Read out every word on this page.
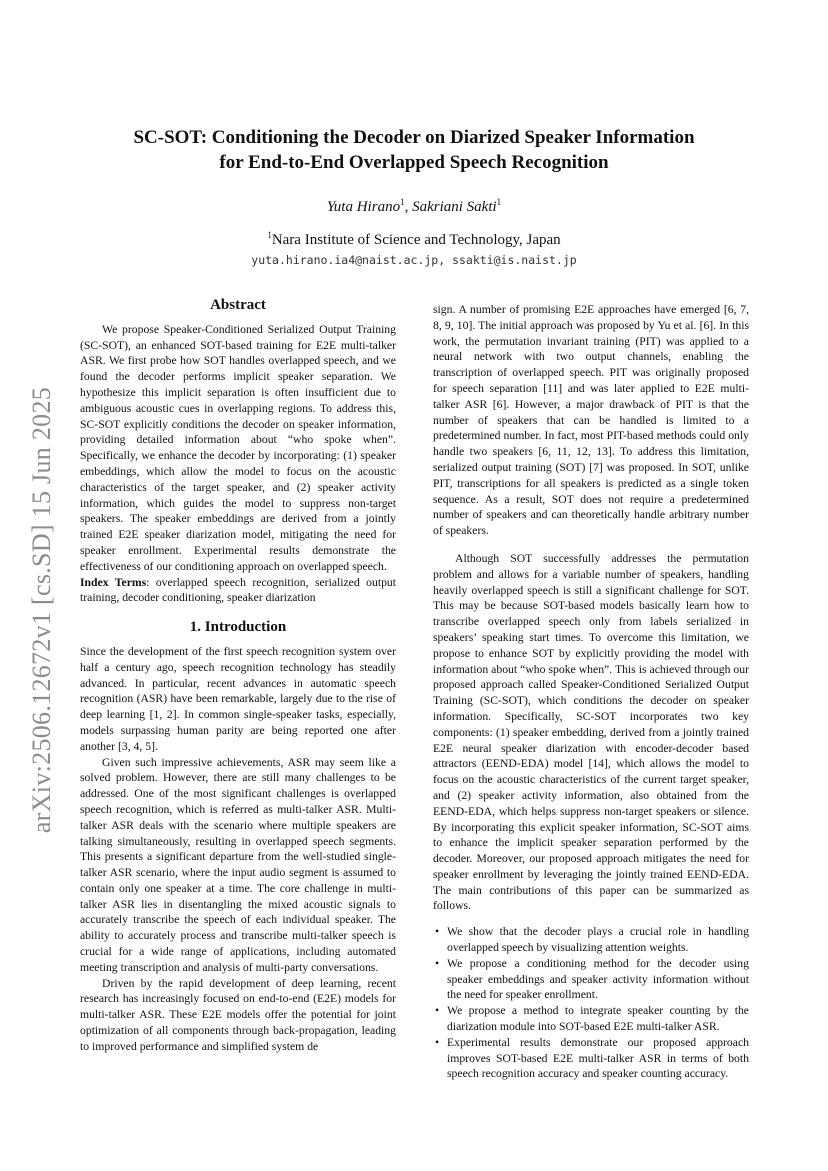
arXiv:2506.12672v1 [cs.SD] 15 Jun 2025
SC-SOT: Conditioning the Decoder on Diarized Speaker Information
for End-to-End Overlapped Speech Recognition
Yuta Hirano$^1$, Sakriani Sakti$^1$
$^1$Nara Institute of Science and Technology, Japan
yuta.hirano.ia4@naist.ac.jp, ssakti@is.naist.jp
Abstract

We propose Speaker-Conditioned Serialized Output Training (SC-SOT), an enhanced SOT-based training for E2E multi-talker ASR. We first probe how SOT handles overlapped speech, and we found the decoder performs implicit speaker separation. We hypothesize this implicit separation is often insufficient due to ambiguous acoustic cues in overlapping regions. To address this, SC-SOT explicitly conditions the decoder on speaker information, providing detailed information about “who spoke when”. Specifically, we enhance the decoder by incorporating: (1) speaker embeddings, which allow the model to focus on the acoustic characteristics of the target speaker, and (2) speaker activity information, which guides the model to suppress non-target speakers. The speaker embeddings are derived from a jointly trained E2E speaker diarization model, mitigating the need for speaker enrollment. Experimental results demonstrate the effectiveness of our conditioning approach on overlapped speech.

Index Terms: overlapped speech recognition, serialized output training, decoder conditioning, speaker diarization

1. Introduction

Since the development of the first speech recognition system over half a century ago, speech recognition technology has steadily advanced. In particular, recent advances in automatic speech recognition (ASR) have been remarkable, largely due to the rise of deep learning [1, 2]. In common single-speaker tasks, especially, models surpassing human parity are being reported one after another [3, 4, 5].

Given such impressive achievements, ASR may seem like a solved problem. However, there are still many challenges to be addressed. One of the most significant challenges is overlapped speech recognition, which is referred as multi-talker ASR. Multi-talker ASR deals with the scenario where multiple speakers are talking simultaneously, resulting in overlapped speech segments. This presents a significant departure from the well-studied single-talker ASR scenario, where the input audio segment is assumed to contain only one speaker at a time. The core challenge in multi-talker ASR lies in disentangling the mixed acoustic signals to accurately transcribe the speech of each individual speaker. The ability to accurately process and transcribe multi-talker speech is crucial for a wide range of applications, including automated meeting transcription and analysis of multi-party conversations.

Driven by the rapid development of deep learning, recent research has increasingly focused on end-to-end (E2E) models for multi-talker ASR. These E2E models offer the potential for joint optimization of all components through back-propagation, leading to improved performance and simplified system de

sign. A number of promising E2E approaches have emerged [6, 7, 8, 9, 10]. The initial approach was proposed by Yu et al. [6]. In this work, the permutation invariant training (PIT) was applied to a neural network with two output channels, enabling the transcription of overlapped speech. PIT was originally proposed for speech separation [11] and was later applied to E2E multi-talker ASR [6]. However, a major drawback of PIT is that the number of speakers that can be handled is limited to a predetermined number. In fact, most PIT-based methods could only handle two speakers [6, 11, 12, 13]. To address this limitation, serialized output training (SOT) [7] was proposed. In SOT, unlike PIT, transcriptions for all speakers is predicted as a single token sequence. As a result, SOT does not require a predetermined number of speakers and can theoretically handle arbitrary number of speakers.

Although SOT successfully addresses the permutation problem and allows for a variable number of speakers, handling heavily overlapped speech is still a significant challenge for SOT. This may be because SOT-based models basically learn how to transcribe overlapped speech only from labels serialized in speakers’ speaking start times. To overcome this limitation, we propose to enhance SOT by explicitly providing the model with information about “who spoke when”. This is achieved through our proposed approach called Speaker-Conditioned Serialized Output Training (SC-SOT), which conditions the decoder on speaker information. Specifically, SC-SOT incorporates two key components: (1) speaker embedding, derived from a jointly trained E2E neural speaker diarization with encoder-decoder based attractors (EEND-EDA) model [14], which allows the model to focus on the acoustic characteristics of the current target speaker, and (2) speaker activity information, also obtained from the EEND-EDA, which helps suppress non-target speakers or silence. By incorporating this explicit speaker information, SC-SOT aims to enhance the implicit speaker separation performed by the decoder. Moreover, our proposed approach mitigates the need for speaker enrollment by leveraging the jointly trained EEND-EDA. The main contributions of this paper can be summarized as follows.

• We show that the decoder plays a crucial role in handling overlapped speech by visualizing attention weights.
• We propose a conditioning method for the decoder using speaker embeddings and speaker activity information without the need for speaker enrollment.
• We propose a method to integrate speaker counting by the diarization module into SOT-based E2E multi-talker ASR.
• Experimental results demonstrate our proposed approach improves SOT-based E2E multi-talker ASR in terms of both speech recognition accuracy and speaker counting accuracy.
